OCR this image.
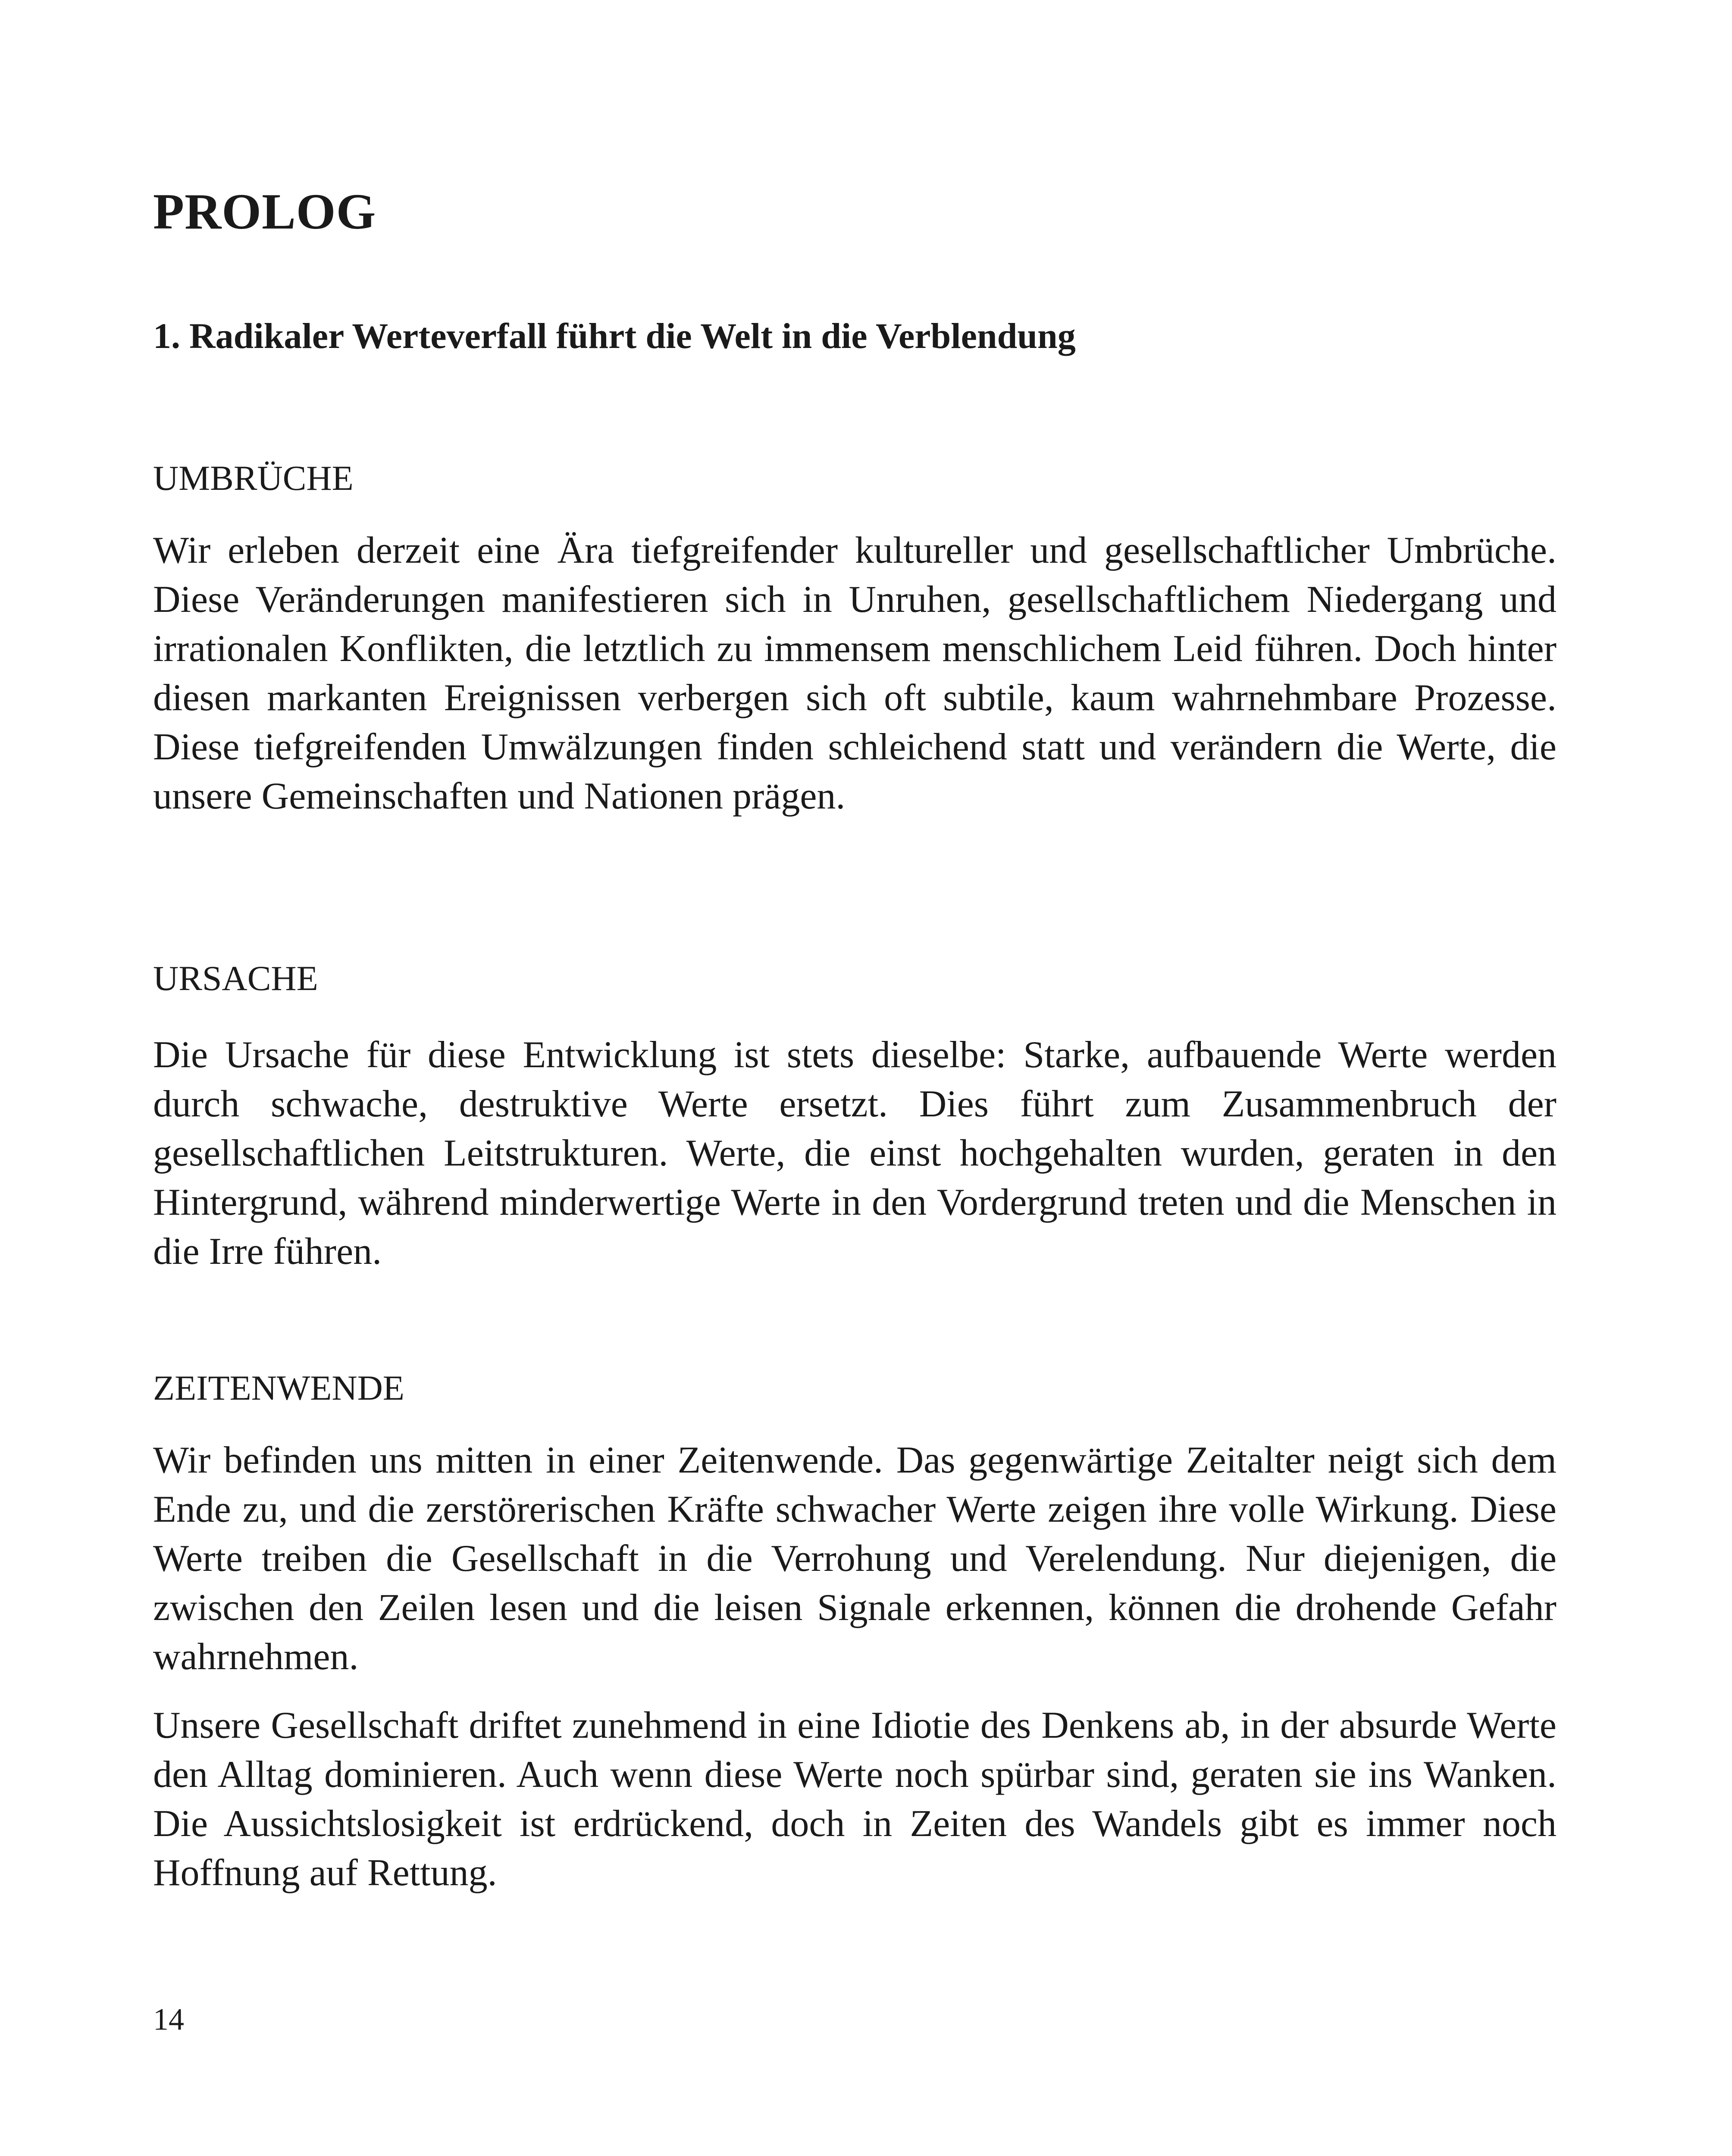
PROLOG
1. Radikaler Werteverfall führt die Welt in die Verblendung
UMBRÜCHE

Wir erleben derzeit eine Ära tiefgreifender kultureller und gesellschaftlicher Umbrüche. Diese Veränderungen manifestieren sich in Unruhen, gesellschaftlichem Niedergang und irrationalen Konflikten, die letztlich zu immensem menschlichem Leid führen. Doch hinter diesen markanten Ereignissen verbergen sich oft subtile, kaum wahrnehmbare Prozesse. Diese tiefgreifenden Umwälzungen finden schleichend statt und verändern die Werte, die unsere Gemeinschaften und Nationen prägen.

URSACHE

Die Ursache für diese Entwicklung ist stets dieselbe: Starke, aufbauende Werte werden durch schwache, destruktive Werte ersetzt. Dies führt zum Zusammenbruch der gesellschaftlichen Leitstrukturen. Werte, die einst hochgehalten wurden, geraten in den Hintergrund, während minderwertige Werte in den Vordergrund treten und die Menschen in die Irre führen.

ZEITENWENDE

Wir befinden uns mitten in einer Zeitenwende. Das gegenwärtige Zeitalter neigt sich dem Ende zu, und die zerstörerischen Kräfte schwacher Werte zeigen ihre volle Wirkung. Diese Werte treiben die Gesellschaft in die Verrohung und Verelendung. Nur diejenigen, die zwischen den Zeilen lesen und die leisen Signale erkennen, können die drohende Gefahr wahrnehmen.

Unsere Gesellschaft driftet zunehmend in eine Idiotie des Denkens ab, in der absurde Werte den Alltag dominieren. Auch wenn diese Werte noch spürbar sind, geraten sie ins Wanken. Die Aussichtslosigkeit ist erdrückend, doch in Zeiten des Wandels gibt es immer noch Hoffnung auf Rettung.

14
